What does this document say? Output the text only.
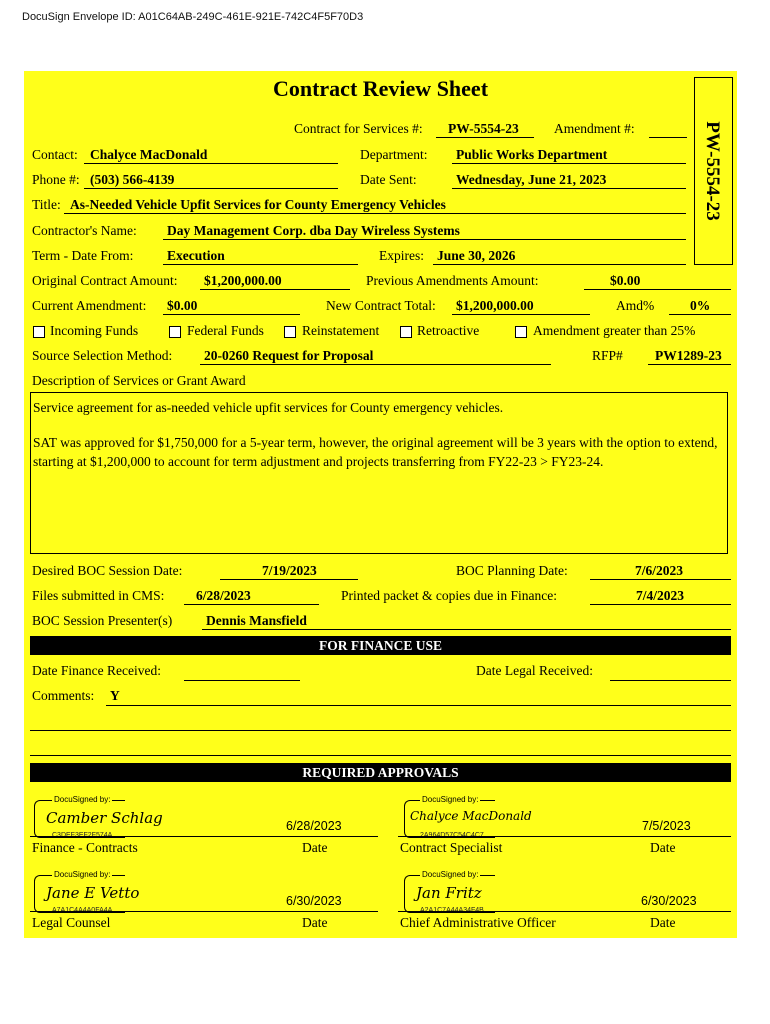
DocuSign Envelope ID: A01C64AB-249C-461E-921E-742C4F5F70D3
Contract Review Sheet
PW-5554-23
Contract for Services #: PW-5554-23	Amendment #:
Contact: Chalyce MacDonald	Department: Public Works Department
Phone #: (503) 566-4139	Date Sent:	Wednesday, June 21, 2023
Title: As-Needed Vehicle Upfit Services for County Emergency Vehicles
Contractor's Name: Day Management Corp. dba Day Wireless Systems
Term - Date From: Execution	Expires: June 30, 2026
Original Contract Amount: $1,200,000.00	Previous Amendments Amount:	$0.00
Current Amendment: $0.00	New Contract Total: $1,200,000.00	Amd%	0%
Incoming Funds	Federal Funds	Reinstatement	Retroactive	Amendment greater than 25%
Source Selection Method: 20-0260 Request for Proposal	RFP# PW1289-23
Description of Services or Grant Award

Service agreement for as-needed vehicle upfit services for County emergency vehicles.

SAT was approved for $1,750,000 for a 5-year term, however, the original agreement will be 3 years with the option to extend, starting at $1,200,000 to account for term adjustment and projects transferring from FY22-23 > FY23-24.

Desired BOC Session Date:	7/19/2023	BOC Planning Date:	7/6/2023
Files submitted in CMS: 6/28/2023	Printed packet & copies due in Finance:	7/4/2023
BOC Session Presenter(s)	Dennis Mansfield
FOR FINANCE USE
Date Finance Received:	Date Legal Received:
Comments: Y
REQUIRED APPROVALS
DocuSigned by:
Camber Schlag
C3DEF3EF2F574A...
6/28/2023
Finance - Contracts	Date
DocuSigned by:
Chalyce MacDonald
2A964D57C54C4C7...
7/5/2023
Contract Specialist	Date
DocuSigned by:
Jane E Vetto
A7A1C4A4A0FA4A...
6/30/2023
Legal Counsel	Date
DocuSigned by:
Jan Fritz
A2A1C7A44A34F4B...
6/30/2023
Chief Administrative Officer	Date
